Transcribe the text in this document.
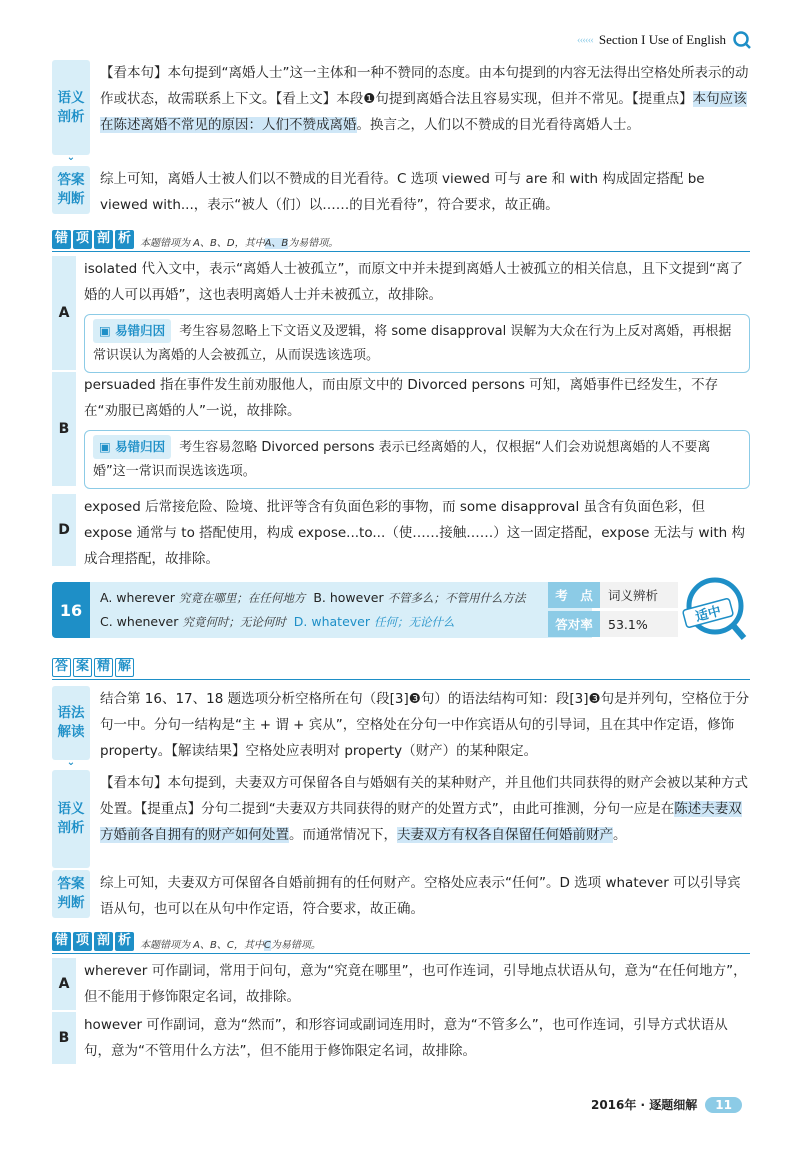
‹‹‹‹‹‹ Section I Use of English
语义
剖析
⌄
【看本句】本句提到“离婚人士”这一主体和一种不赞同的态度。由本句提到的内容无法得出空格处所表示的动作或状态，故需联系上下文。【看上文】本段❶句提到离婚合法且容易实现，但并不常见。【提重点】本句应该在陈述离婚不常见的原因：人们不赞成离婚。换言之，人们以不赞成的目光看待离婚人士。
答案
判断
综上可知，离婚人士被人们以不赞成的目光看待。C 选项 viewed 可与 are 和 with 构成固定搭配 be viewed with...，表示“被人（们）以……的目光看待”，符合要求，故正确。
错 项 剖 析 本题错项为 A、B、D，其中A、B为易错项。
A
isolated 代入文中，表示“离婚人士被孤立”，而原文中并未提到离婚人士被孤立的相关信息，且下文提到“离了婚的人可以再婚”，这也表明离婚人士并未被孤立，故排除。
▣ 易错归因 考生容易忽略上下文语义及逻辑，将 some disapproval 误解为大众在行为上反对离婚，再根据常识误认为离婚的人会被孤立，从而误选该选项。
B
persuaded 指在事件发生前劝服他人，而由原文中的 Divorced persons 可知，离婚事件已经发生，不存在“劝服已离婚的人”一说，故排除。
▣ 易错归因 考生容易忽略 Divorced persons 表示已经离婚的人，仅根据“人们会劝说想离婚的人不要离婚”这一常识而误选该选项。
D
exposed 后常接危险、险境、批评等含有负面色彩的事物，而 some disapproval 虽含有负面色彩，但 expose 通常与 to 搭配使用，构成 expose...to...（使……接触……）这一固定搭配，expose 无法与 with 构成合理搭配，故排除。
16
A. wherever 究竟在哪里；在任何地方 B. however 不管多么；不管用什么方法
C. whenever 究竟何时；无论何时 D. whatever 任何；无论什么
考　点	词义辨析
答对率	53.1%	适中
答 案 精 解
语法
解读
⌄
结合第 16、17、18 题选项分析空格所在句（段[3]❸句）的语法结构可知：段[3]❸句是并列句，空格位于分句一中。分句一结构是“主 + 谓 + 宾从”，空格处在分句一中作宾语从句的引导词，且在其中作定语，修饰 property。【解读结果】空格处应表明对 property（财产）的某种限定。
语义
剖析
【看本句】本句提到，夫妻双方可保留各自与婚姻有关的某种财产，并且他们共同获得的财产会被以某种方式处置。【提重点】分句二提到“夫妻双方共同获得的财产的处置方式”，由此可推测，分句一应是在陈述夫妻双方婚前各自拥有的财产如何处置。而通常情况下，夫妻双方有权各自保留任何婚前财产。
答案
判断
综上可知，夫妻双方可保留各自婚前拥有的任何财产。空格处应表示“任何”。D 选项 whatever 可以引导宾语从句，也可以在从句中作定语，符合要求，故正确。
错 项 剖 析 本题错项为 A、B、C，其中C为易错项。
A
wherever 可作副词，常用于问句，意为“究竟在哪里”，也可作连词，引导地点状语从句，意为“在任何地方”，但不能用于修饰限定名词，故排除。
B
however 可作副词，意为“然而”，和形容词或副词连用时，意为“不管多么”，也可作连词，引导方式状语从句，意为“不管用什么方法”，但不能用于修饰限定名词，故排除。
2016年 · 逐题细解	11
